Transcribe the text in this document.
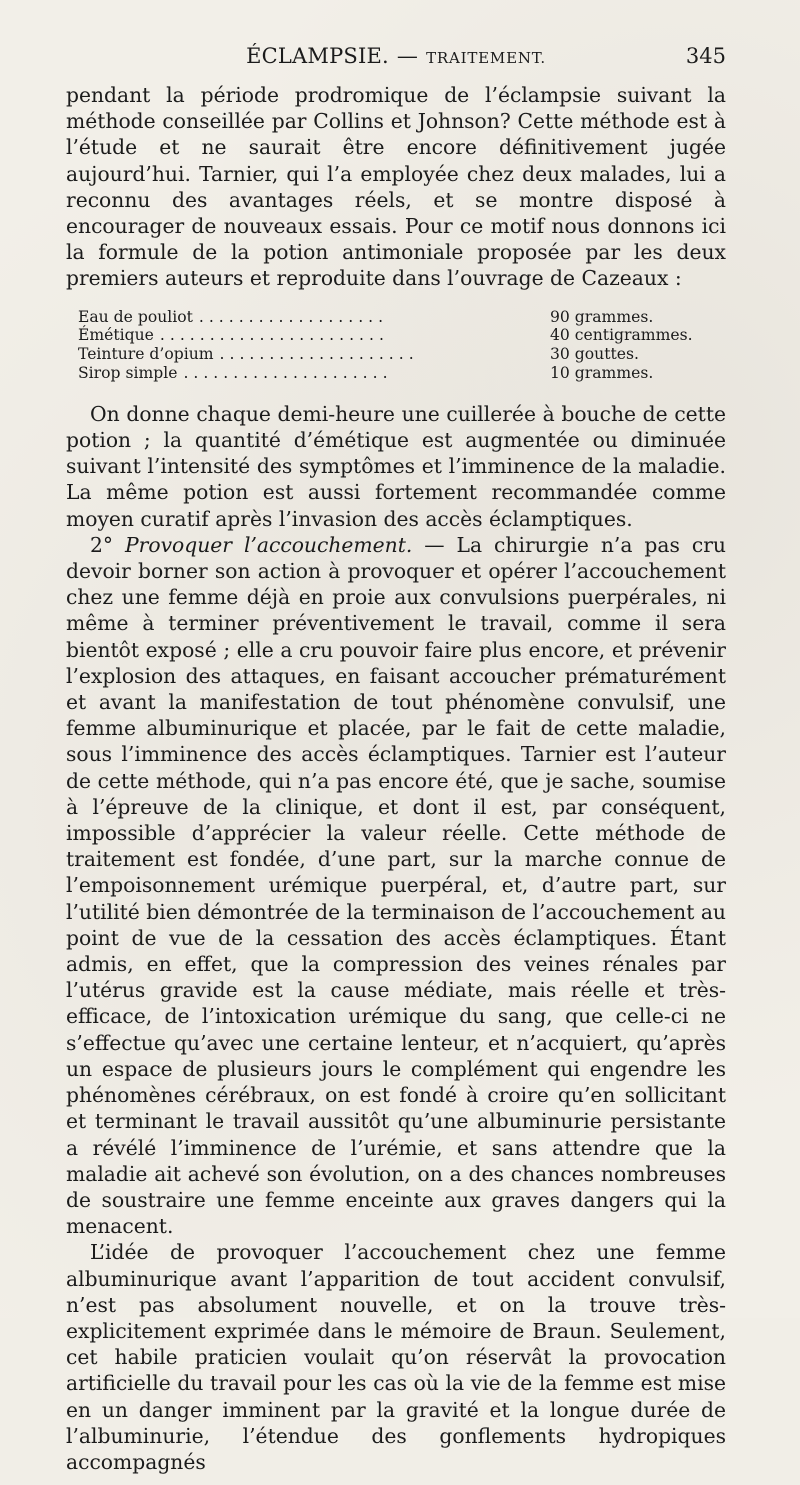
ÉCLAMPSIE. — TRAITEMENT.	345

pendant la période prodromique de l’éclampsie suivant la méthode conseillée par Collins et Johnson? Cette méthode est à l’étude et ne saurait être encore définitivement jugée aujourd’hui. Tarnier, qui l’a employée chez deux malades, lui a reconnu des avantages réels, et se montre disposé à encourager de nouveaux essais. Pour ce motif nous donnons ici la formule de la potion antimoniale proposée par les deux premiers auteurs et reproduite dans l’ouvrage de Cazeaux :

Eau de pouliot ...................	90 grammes.
Émétique .......................	40 centigrammes.
Teinture d’opium ....................	30 gouttes.
Sirop simple .....................	10 grammes.

On donne chaque demi-heure une cuillerée à bouche de cette potion ; la quantité d’émétique est augmentée ou diminuée suivant l’intensité des symptômes et l’imminence de la maladie. La même potion est aussi fortement recommandée comme moyen curatif après l’invasion des accès éclamptiques.

2° Provoquer l’accouchement. — La chirurgie n’a pas cru devoir borner son action à provoquer et opérer l’accouchement chez une femme déjà en proie aux convulsions puerpérales, ni même à terminer préventivement le travail, comme il sera bientôt exposé ; elle a cru pouvoir faire plus encore, et prévenir l’explosion des attaques, en faisant accoucher prématurément et avant la manifestation de tout phénomène convulsif, une femme albuminurique et placée, par le fait de cette maladie, sous l’imminence des accès éclamptiques. Tarnier est l’auteur de cette méthode, qui n’a pas encore été, que je sache, soumise à l’épreuve de la clinique, et dont il est, par conséquent, impossible d’apprécier la valeur réelle. Cette méthode de traitement est fondée, d’une part, sur la marche connue de l’empoisonnement urémique puerpéral, et, d’autre part, sur l’utilité bien démontrée de la terminaison de l’accouchement au point de vue de la cessation des accès éclamptiques. Étant admis, en effet, que la compression des veines rénales par l’utérus gravide est la cause médiate, mais réelle et très-efficace, de l’intoxication urémique du sang, que celle-ci ne s’effectue qu’avec une certaine lenteur, et n’acquiert, qu’après un espace de plusieurs jours le complément qui engendre les phénomènes cérébraux, on est fondé à croire qu’en sollicitant et terminant le travail aussitôt qu’une albuminurie persistante a révélé l’imminence de l’urémie, et sans attendre que la maladie ait achevé son évolution, on a des chances nombreuses de soustraire une femme enceinte aux graves dangers qui la menacent.

L’idée de provoquer l’accouchement chez une femme albuminurique avant l’apparition de tout accident convulsif, n’est pas absolument nouvelle, et on la trouve très-explicitement exprimée dans le mémoire de Braun. Seulement, cet habile praticien voulait qu’on réservât la provocation artificielle du travail pour les cas où la vie de la femme est mise en un danger imminent par la gravité et la longue durée de l’albuminurie, l’étendue des gonflements hydropiques accompagnés
